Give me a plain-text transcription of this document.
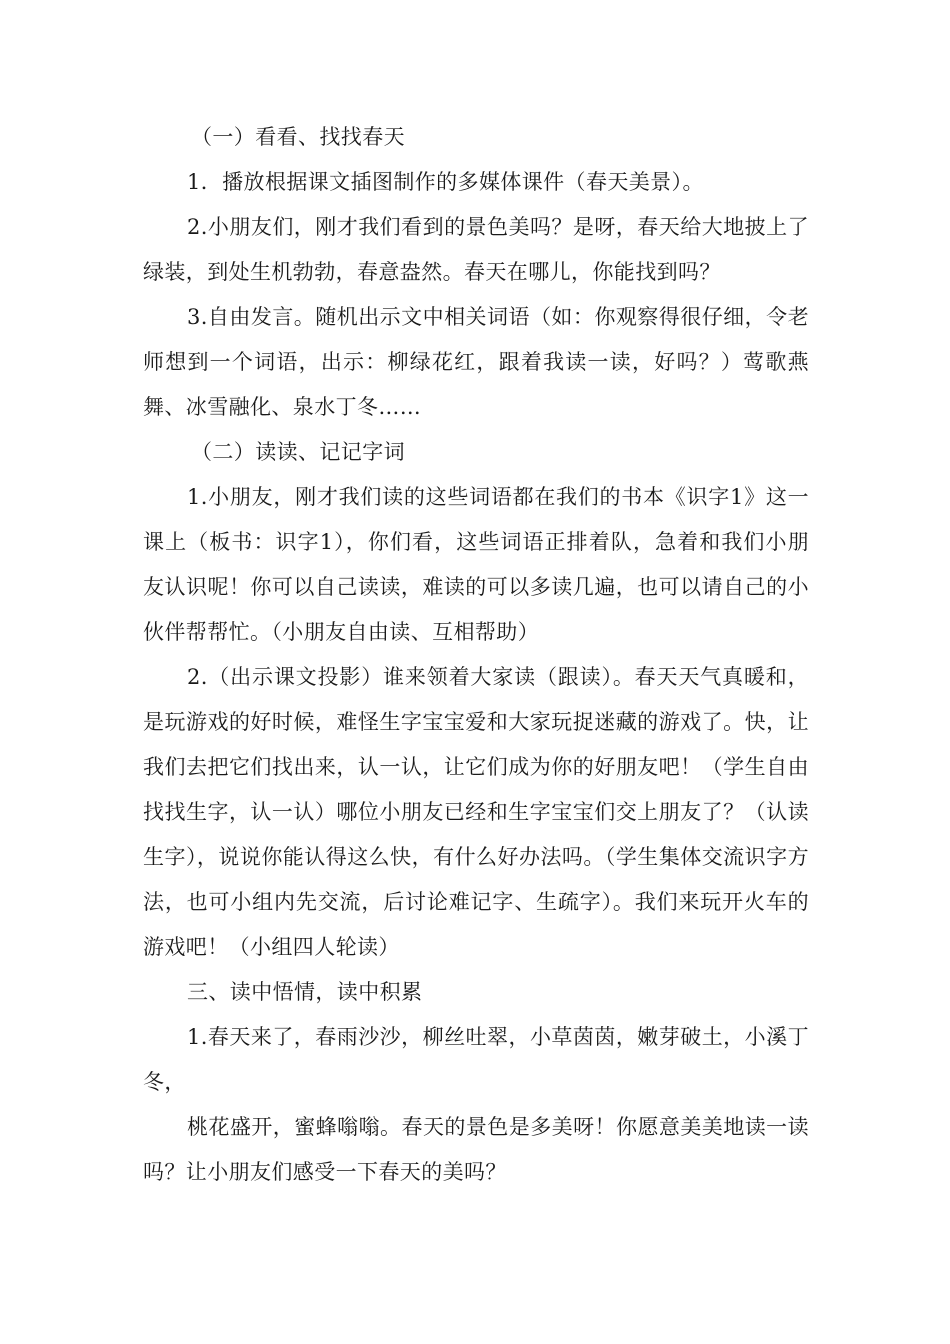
（一）看看、找找春天

1．播放根据课文插图制作的多媒体课件（春天美景）。

2.小朋友们，刚才我们看到的景色美吗？是呀，春天给大地披上了绿装，到处生机勃勃，春意盎然。春天在哪儿，你能找到吗？

3.自由发言。随机出示文中相关词语（如：你观察得很仔细，令老师想到一个词语，出示：柳绿花红，跟着我读一读，好吗？）莺歌燕舞、冰雪融化、泉水丁冬……

（二）读读、记记字词

1.小朋友，刚才我们读的这些词语都在我们的书本《识字1》这一课上（板书：识字1），你们看，这些词语正排着队，急着和我们小朋友认识呢！你可以自己读读，难读的可以多读几遍，也可以请自己的小伙伴帮帮忙。（小朋友自由读、互相帮助）

2.（出示课文投影）谁来领着大家读（跟读）。春天天气真暖和，是玩游戏的好时候，难怪生字宝宝爱和大家玩捉迷藏的游戏了。快，让我们去把它们找出来，认一认，让它们成为你的好朋友吧！（学生自由找找生字，认一认）哪位小朋友已经和生字宝宝们交上朋友了？（认读生字），说说你能认得这么快，有什么好办法吗。（学生集体交流识字方法，也可小组内先交流，后讨论难记字、生疏字）。我们来玩开火车的游戏吧！（小组四人轮读）

三、读中悟情，读中积累

1.春天来了，春雨沙沙，柳丝吐翠，小草茵茵，嫩芽破土，小溪丁冬，

桃花盛开，蜜蜂嗡嗡。春天的景色是多美呀！你愿意美美地读一读吗？让小朋友们感受一下春天的美吗？
